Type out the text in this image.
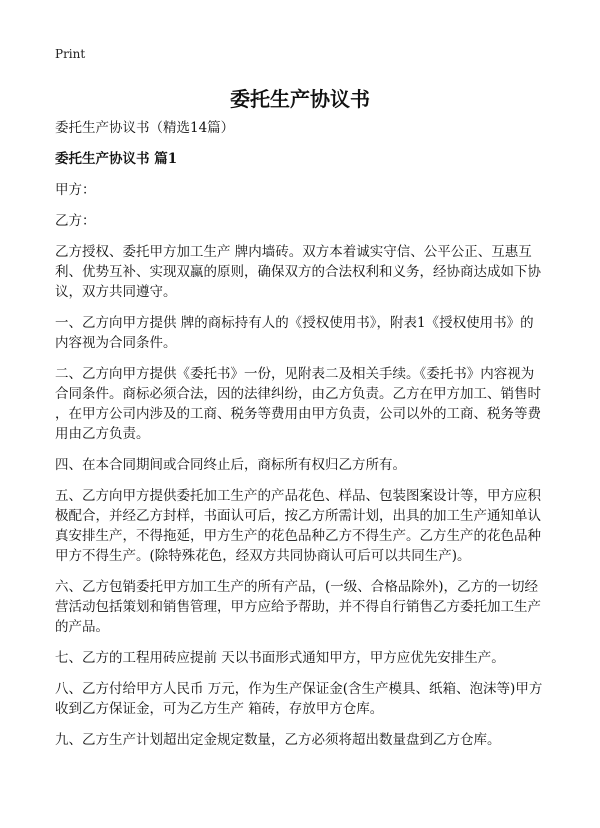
Print
委托生产协议书

委托生产协议书（精选14篇）

委托生产协议书 篇1

甲方：

乙方：

乙方授权、委托甲方加工生产 牌内墙砖。双方本着诚实守信、公平公正、互惠互
利、优势互补、实现双赢的原则，确保双方的合法权利和义务，经协商达成如下协
议，双方共同遵守。

一、乙方向甲方提供 牌的商标持有人的《授权使用书》，附表1《授权使用书》的
内容视为合同条件。

二、乙方向甲方提供《委托书》一份，见附表二及相关手续。《委托书》内容视为
合同条件。商标必须合法，因的法律纠纷，由乙方负责。乙方在甲方加工、销售时
，在甲方公司内涉及的工商、税务等费用由甲方负责，公司以外的工商、税务等费
用由乙方负责。

四、在本合同期间或合同终止后，商标所有权归乙方所有。

五、乙方向甲方提供委托加工生产的产品花色、样品、包装图案设计等，甲方应积
极配合，并经乙方封样，书面认可后，按乙方所需计划，出具的加工生产通知单认
真安排生产，不得拖延，甲方生产的花色品种乙方不得生产。乙方生产的花色品种
甲方不得生产。(除特殊花色，经双方共同协商认可后可以共同生产)。

六、乙方包销委托甲方加工生产的所有产品，(一级、合格品除外)，乙方的一切经
营活动包括策划和销售管理，甲方应给予帮助，并不得自行销售乙方委托加工生产
的产品。

七、乙方的工程用砖应提前 天以书面形式通知甲方，甲方应优先安排生产。

八、乙方付给甲方人民币 万元，作为生产保证金(含生产模具、纸箱、泡沫等)甲方
收到乙方保证金，可为乙方生产 箱砖，存放甲方仓库。

九、乙方生产计划超出定金规定数量，乙方必须将超出数量盘到乙方仓库。
